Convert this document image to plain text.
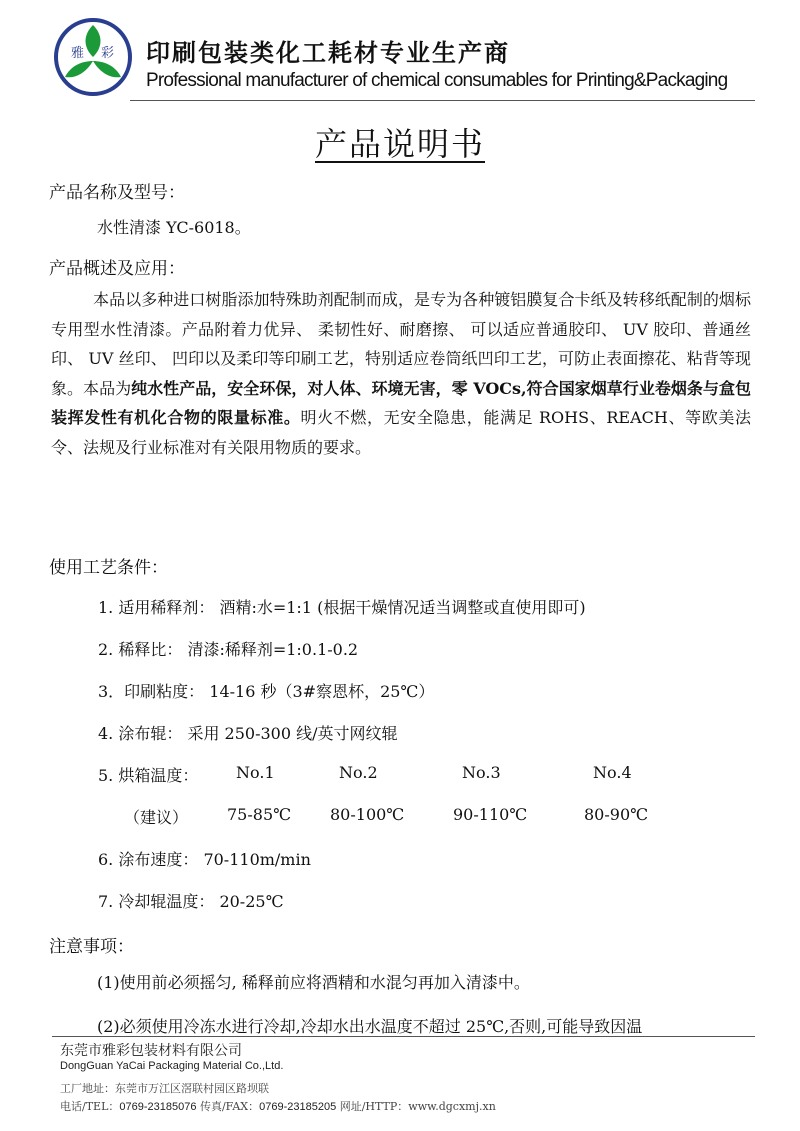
雅 彩 印刷包装类化工耗材专业生产商
Professional manufacturer of chemical consumables for Printing&Packaging
产品说明书
产品名称及型号：
水性清漆 YC-6018。
产品概述及应用：
本品以多种进口树脂添加特殊助剂配制而成，是专为各种镀铝膜复合卡纸及转移纸配制的烟标专用型水性清漆。产品附着力优异、 柔韧性好、耐磨擦、 可以适应普通胶印、 UV 胶印、普通丝印、 UV 丝印、 凹印以及柔印等印刷工艺，特别适应卷筒纸凹印工艺，可防止表面擦花、粘背等现象。本品为纯水性产品，安全环保，对人体、环境无害，零 VOCs,符合国家烟草行业卷烟条与盒包装挥发性有机化合物的限量标准。明火不燃，无安全隐患，能满足 ROHS、REACH、等欧美法令、法规及行业标准对有关限用物质的要求。
使用工艺条件：
1. 适用稀释剂： 酒精:水=1:1 (根据干燥情况适当调整或直使用即可)
2. 稀释比： 清漆:稀释剂=1:0.1-0.2
3．印刷粘度： 14-16 秒（3#察恩杯，25℃）
4. 涂布辊： 采用 250-300 线/英寸网纹辊
5. 烘箱温度： No.1	No.2	No.3	No.4
（建议） 75-85℃ 80-100℃	90-110℃	80-90℃
6. 涂布速度： 70-110m/min
7. 冷却辊温度： 20-25℃
注意事项：
(1)使用前必须摇匀, 稀释前应将酒精和水混匀再加入清漆中。
(2)必须使用冷冻水进行冷却,冷却水出水温度不超过 25℃,否则,可能导致因温
东莞市雅彩包装材料有限公司
DongGuan YaCai Packaging Material Co.,Ltd.
工厂地址：东莞市万江区滘联村园区路坝联
电话/TEL：0769-23185076 传真/FAX：0769-23185205 网址/HTTP：www.dgcxmj.xn
